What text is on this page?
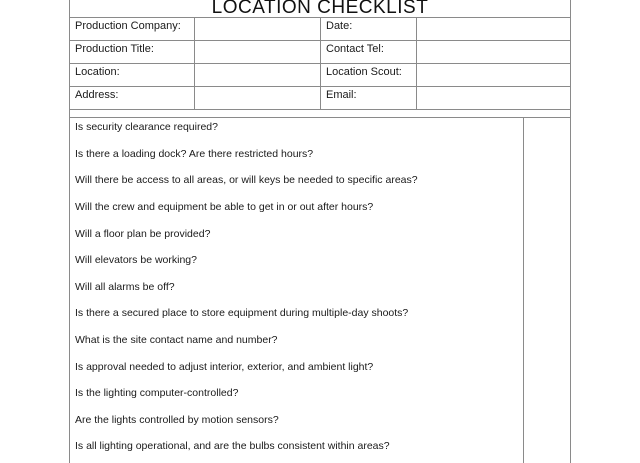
LOCATION CHECKLIST
Production Company:	Date:
Production Title:	Contact Tel:
Location:	Location Scout:
Address:	Email:
Is security clearance required?
Is there a loading dock? Are there restricted hours?
Will there be access to all areas, or will keys be needed to specific areas?
Will the crew and equipment be able to get in or out after hours?
Will a floor plan be provided?
Will elevators be working?
Will all alarms be off?
Is there a secured place to store equipment during multiple-day shoots?
What is the site contact name and number?
Is approval needed to adjust interior, exterior, and ambient light?
Is the lighting computer-controlled?
Are the lights controlled by motion sensors?
Is all lighting operational, and are the bulbs consistent within areas?
